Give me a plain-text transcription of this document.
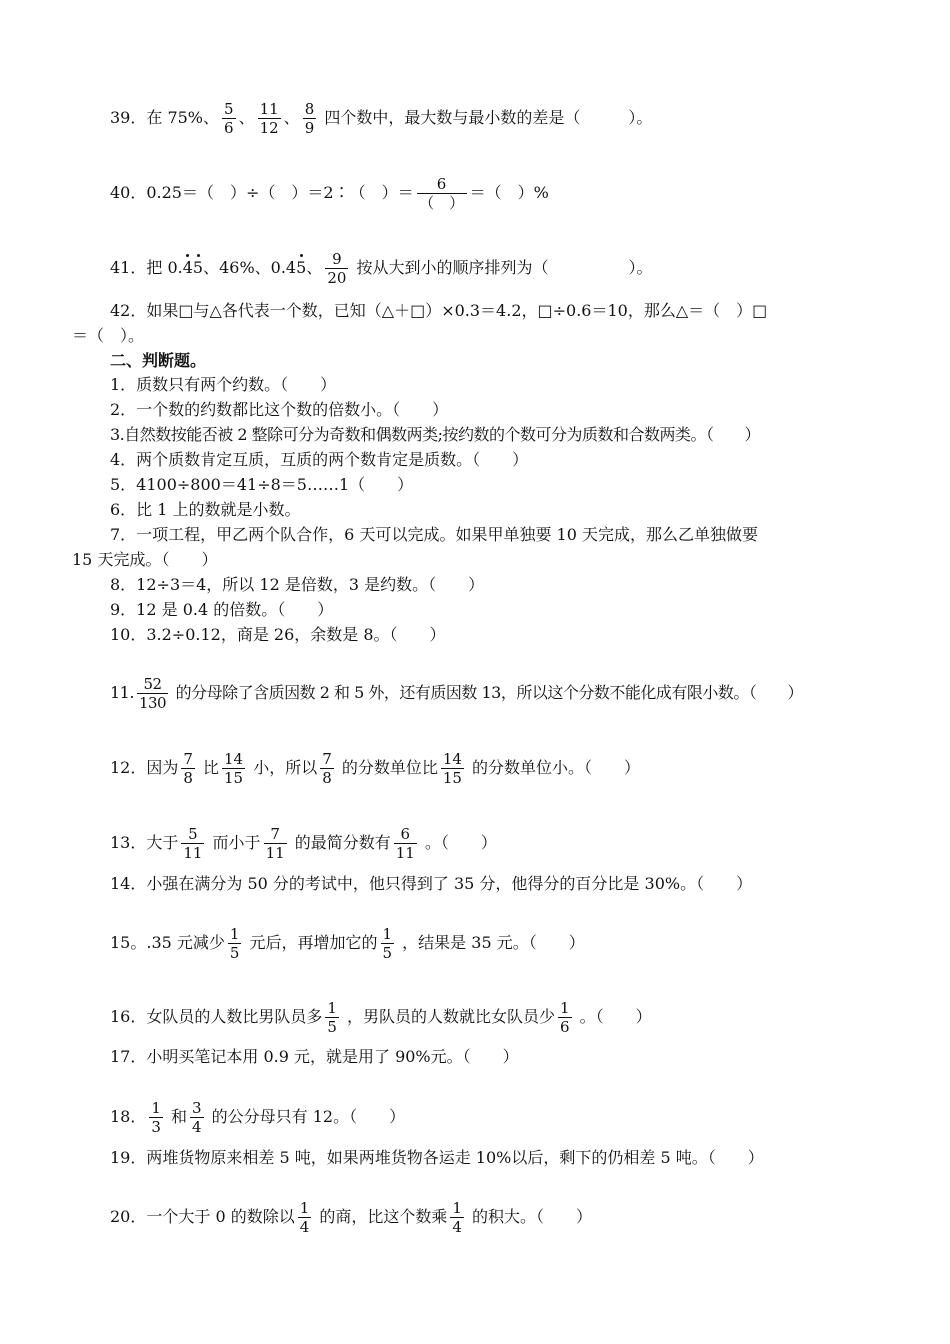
39．在 75%、 $\frac{5}{6}$ 、 $\frac{11}{12}$ 、 $\frac{8}{9}$ 四个数中，最大数与最小数的差是（　　　）。
40．0.25＝（　）÷（　）＝2∶（　）＝ $\frac{6}{( )}$ ＝（　）%
41．把 0.45、46%、0.45、 $\frac{9}{20}$ 按从大到小的顺序排列为（　　　　　）。
42．如果□与△各代表一个数，已知（△＋□）×0.3＝4.2，□÷0.6＝10，那么△＝（　）□
＝（　）。
二、判断题。
1．质数只有两个约数。（　　）
2．一个数的约数都比这个数的倍数小。（　　）
3.自然数按能否被 2 整除可分为奇数和偶数两类;按约数的个数可分为质数和合数两类。（　　）
4．两个质数肯定互质，互质的两个数肯定是质数。（　　）
5．4100÷800＝41÷8＝5……1（　　）
6．比 1 上的数就是小数。
7．一项工程，甲乙两个队合作，6 天可以完成。如果甲单独要 10 天完成，那么乙单独做要
15 天完成。（　　）
8．12÷3＝4，所以 12 是倍数，3 是约数。（　　）
9．12 是 0.4 的倍数。（　　）
10．3.2÷0.12，商是 26，余数是 8。（　　）
11. $\frac{52}{130}$ 的分母除了含质因数 2 和 5 外，还有质因数 13，所以这个分数不能化成有限小数。（　　）
12．因为 $\frac{7}{8}$ 比 $\frac{14}{15}$ 小，所以 $\frac{7}{8}$ 的分数单位比 $\frac{14}{15}$ 的分数单位小。（　　）
13．大于 $\frac{5}{11}$ 而小于 $\frac{7}{11}$ 的最简分数有 $\frac{6}{11}$ 。（　　）
14．小强在满分为 50 分的考试中，他只得到了 35 分，他得分的百分比是 30%。（　　）
15。.35 元减少 $\frac{1}{5}$ 元后，再增加它的 $\frac{1}{5}$ ，结果是 35 元。（　　）
16．女队员的人数比男队员多 $\frac{1}{5}$ ，男队员的人数就比女队员少 $\frac{1}{6}$ 。（　　）
17．小明买笔记本用 0.9 元，就是用了 90%元。（　　）
18． $\frac{1}{3}$ 和 $\frac{3}{4}$ 的公分母只有 12。（　　）
19．两堆货物原来相差 5 吨，如果两堆货物各运走 10%以后，剩下的仍相差 5 吨。（　　）
20．一个大于 0 的数除以 $\frac{1}{4}$ 的商，比这个数乘 $\frac{1}{4}$ 的积大。（　　）
